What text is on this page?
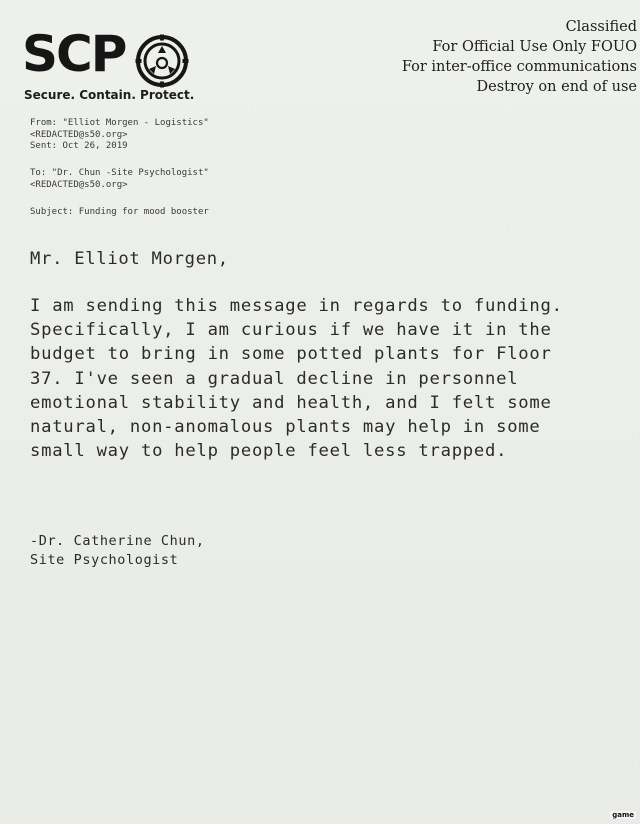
SCP
Secure. Contain. Protect.
Classified
For Official Use Only FOUO
For inter-office communications
Destroy on end of use
From: "Elliot Morgen - Logistics"
<REDACTED@s50.org>
Sent: Oct 26, 2019
To: "Dr. Chun -Site Psychologist"
<REDACTED@s50.org>
Subject: Funding for mood booster
Mr. Elliot Morgen,
I am sending this message in regards to funding.
Specifically, I am curious if we have it in the
budget to bring in some potted plants for Floor
37. I've seen a gradual decline in personnel
emotional stability and health, and I felt some
natural, non-anomalous plants may help in some
small way to help people feel less trapped.
-Dr. Catherine Chun,
Site Psychologist
game
